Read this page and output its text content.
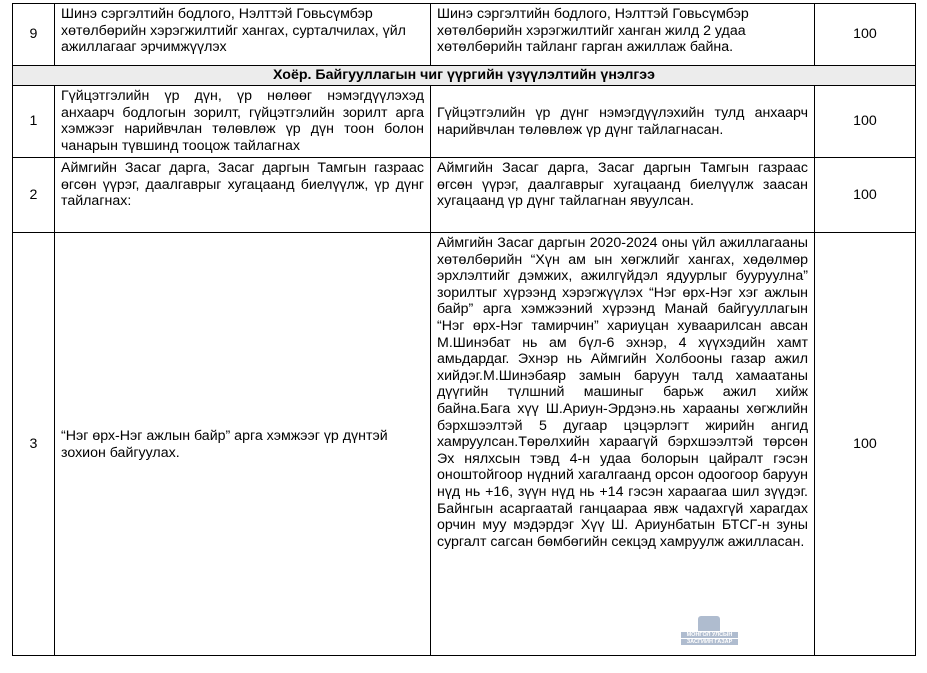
9	Шинэ сэргэлтийн бодлого, Нэлттэй Говьсүмбэр хөтөлбөрийн хэрэгжилтийг хангах, сурталчилах, үйл ажиллагааг эрчимжүүлэх	Шинэ сэргэлтийн бодлого, Нэлттэй Говьсүмбэр хөтөлбөрийн хэрэгжилтийг ханган жилд 2 удаа хөтөлбөрийн тайланг гарган ажиллаж байна.	100
Хоёр. Байгууллагын чиг үүргийн үзүүлэлтийн үнэлгээ			
1	Гүйцэтгэлийн үр дүн, үр нөлөөг нэмэгдүүлэхэд анхаарч бодлогын зорилт, гүйцэтгэлийн зорилт арга хэмжээг нарийвчлан төлөвлөж үр дүн тоон болон чанарын түвшинд тооцож тайлагнах	Гүйцэтгэлийн үр дүнг нэмэгдүүлэхийн тулд анхаарч нарийвчлан төлөвлөж үр дүнг тайлагнасан.	100
2	Аймгийн Засаг дарга, Засаг даргын Тамгын газраас өгсөн үүрэг, даалгаврыг хугацаанд биелүүлж, үр дүнг тайлагнах:	Аймгийн Засаг дарга, Засаг даргын Тамгын газраас өгсөн үүрэг, даалгаврыг хугацаанд биелүүлж заасан хугацаанд үр дүнг тайлагнан явуулсан.	100
3	“Нэг өрх-Нэг ажлын байр” арга хэмжээг үр дүнтэй зохион байгуулах.	Аймгийн Засаг даргын 2020-2024 оны үйл ажиллагааны хөтөлбөрийн “Хүн ам ын хөгжлийг хангах, хөдөлмөр эрхлэлтийг дэмжих, ажилгүйдэл ядуурлыг бууруулна” зорилтыг хүрээнд хэрэгжүүлэх “Нэг өрх-Нэг хэг ажлын байр” арга хэмжээний хүрээнд Манай байгууллагын “Нэг өрх-Нэг тамирчин” хариуцан хуваарилсан авсан М.Шинэбат нь ам бүл-6 эхнэр, 4 хүүхэдийн хамт амьдардаг. Эхнэр нь Аймгийн Холбооны газар ажил хийдэг.М.Шинэбаяр замын баруун талд хамаатаны дүүгийн түлшний машиныг барьж ажил хийж байна.Бага хүү Ш.Ариун-Эрдэнэ.нь харааны хөгжлийн бэрхшээлтэй 5 дугаар цэцэрлэгт жирийн ангид хамруулсан.Төрөлхийн хараагүй бэрхшээлтэй төрсөн Эх нялхсын тэвд 4-н удаа болорын цайралт гэсэн оноштойгоор нүдний хагалгаанд орсон одоогоор баруун нүд нь +16, зүүн нүд нь +14 гэсэн хараагаа шил зүүдэг. Байнгын асаргаатай ганцаараа явж чадахгүй харагдах орчин муу мэдэрдэг Хүү Ш. Ариунбатын БТСГ-н зуны сургалт сагсан бөмбөгийн секцэд хамруулж ажилласан.	100
МОНГОЛ УЛСЫН
ЗАСГИЙН ГАЗАР
